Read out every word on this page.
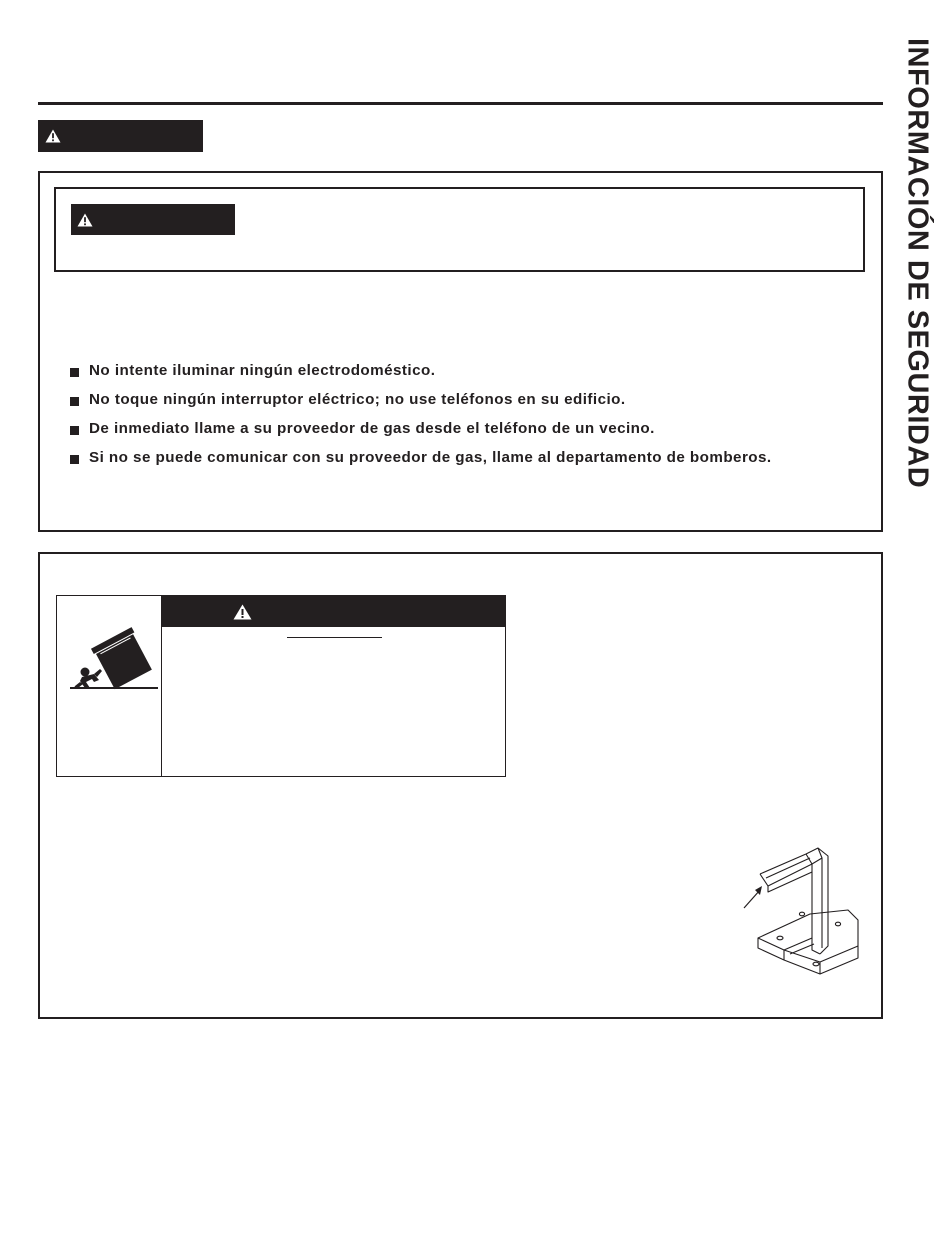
INFORMACIÓN DE SEGURIDAD
No intente iluminar ningún electrodoméstico.
No toque ningún interruptor eléctrico; no use teléfonos en su edificio.
De inmediato llame a su proveedor de gas desde el teléfono de un vecino.
Si no se puede comunicar con su proveedor de gas, llame al departamento de bomberos.
